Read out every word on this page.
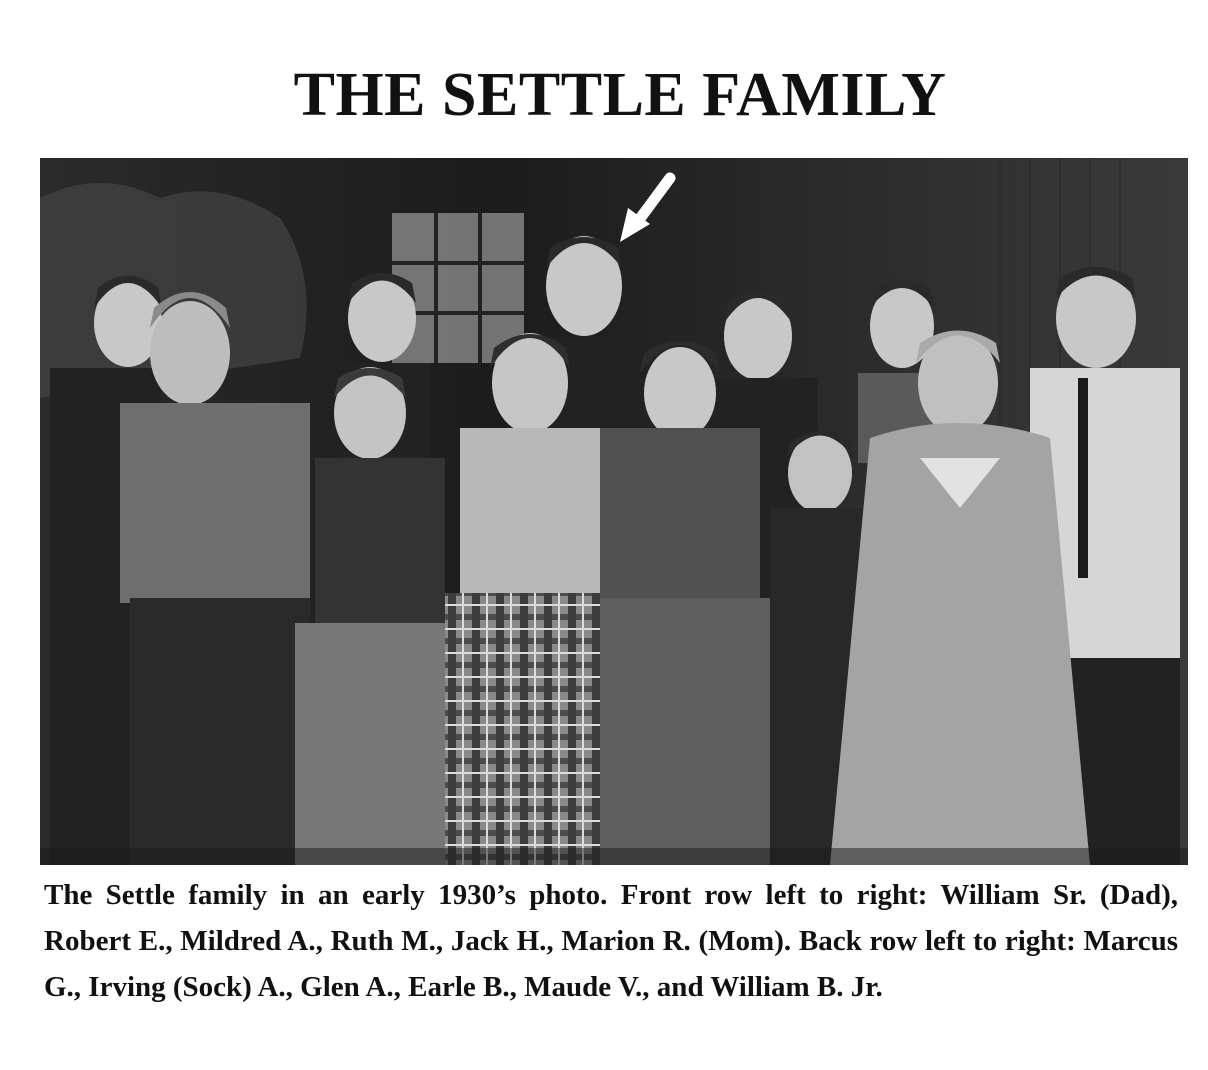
THE SETTLE FAMILY
The Settle family in an early 1930’s photo. Front row left to right: William Sr. (Dad), Robert E., Mildred A., Ruth M., Jack H., Marion R. (Mom). Back row left to right: Marcus G., Irving (Sock) A., Glen A., Earle B., Maude V., and William B. Jr.
